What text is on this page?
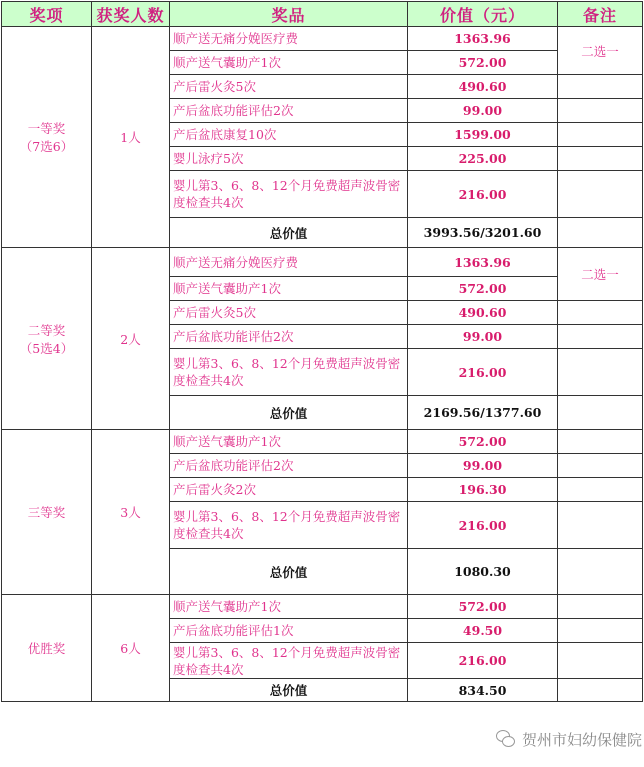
奖项	获奖人数	奖品	价值（元）	备注

一等奖
（7选6）	1人	顺产送无痛分娩医疗费	1363.96	二选一
		顺产送气囊助产1次	572.00	
		产后雷火灸5次	490.60	
		产后盆底功能评估2次	99.00	
		产后盆底康复10次	1599.00	
		婴儿泳疗5次	225.00	
		婴儿第3、6、8、12个月免费超声波骨密度检查共4次	216.00	
		总价值	3993.56/3201.60	

二等奖
（5选4）	2人	顺产送无痛分娩医疗费	1363.96	二选一
		顺产送气囊助产1次	572.00	
		产后雷火灸5次	490.60	
		产后盆底功能评估2次	99.00	
		婴儿第3、6、8、12个月免费超声波骨密度检查共4次	216.00	
		总价值	2169.56/1377.60	

三等奖	3人	顺产送气囊助产1次	572.00	
		产后盆底功能评估2次	99.00	
		产后雷火灸2次	196.30	
		婴儿第3、6、8、12个月免费超声波骨密度检查共4次	216.00	
		总价值	1080.30	

优胜奖	6人	顺产送气囊助产1次	572.00	
		产后盆底功能评估1次	49.50	
		婴儿第3、6、8、12个月免费超声波骨密度检查共4次	216.00	
		总价值	834.50	
贺州市妇幼保健院
